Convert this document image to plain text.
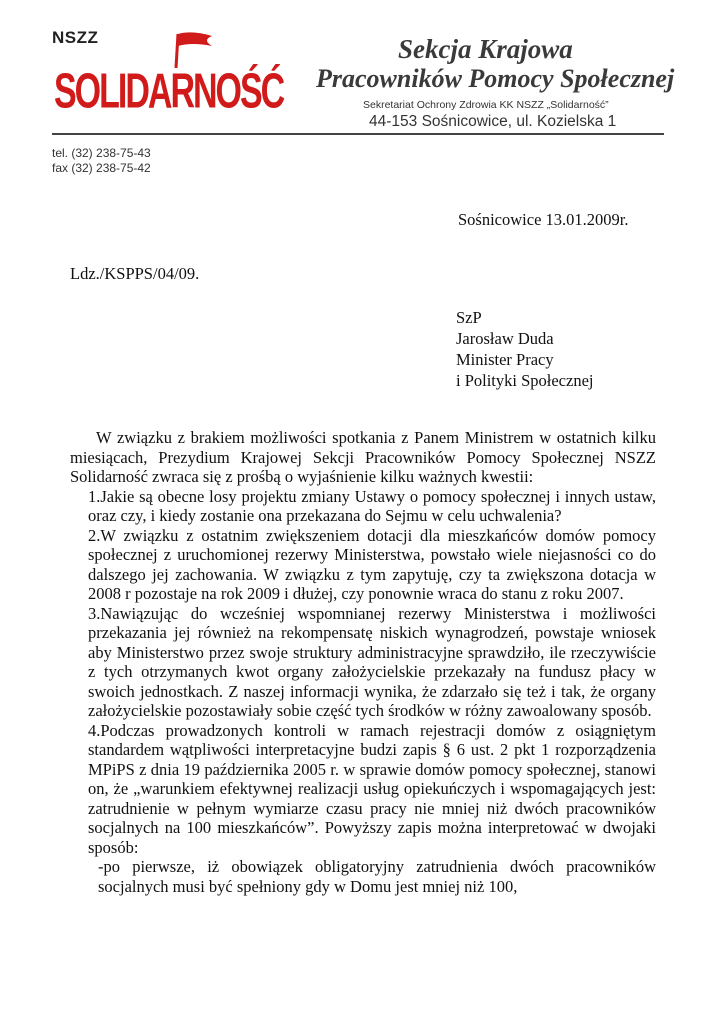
NSZZ
SOLIDARNOŚĆ
Sekcja Krajowa
Pracowników Pomocy Społecznej
Sekretariat Ochrony Zdrowia KK NSZZ „Solidarność”
44-153 Sośnicowice, ul. Kozielska 1
tel. (32) 238-75-43
fax (32) 238-75-42
Sośnicowice 13.01.2009r.
Ldz./KSPPS/04/09.
SzP
Jarosław Duda
Minister Pracy
i Polityki Społecznej

W związku z brakiem możliwości spotkania z Panem Ministrem w ostatnich kilku miesiącach, Prezydium Krajowej Sekcji Pracowników Pomocy Społecznej NSZZ Solidarność zwraca się z prośbą o wyjaśnienie kilku ważnych kwestii:

1.Jakie są obecne losy projektu zmiany Ustawy o pomocy społecznej i innych ustaw, oraz czy, i kiedy zostanie ona przekazana do Sejmu w celu uchwalenia?

2.W związku z ostatnim zwiększeniem dotacji dla mieszkańców domów pomocy społecznej z uruchomionej rezerwy Ministerstwa, powstało wiele niejasności co do dalszego jej zachowania. W związku z tym zapytuję, czy ta zwiększona dotacja w 2008 r pozostaje na rok 2009 i dłużej, czy ponownie wraca do stanu z roku 2007.

3.Nawiązując do wcześniej wspomnianej rezerwy Ministerstwa i możliwości przekazania jej również na rekompensatę niskich wynagrodzeń, powstaje wniosek aby Ministerstwo przez swoje struktury administracyjne sprawdziło, ile rzeczywiście z tych otrzymanych kwot organy założycielskie przekazały na fundusz płacy w swoich jednostkach. Z naszej informacji wynika, że zdarzało się też i tak, że organy założycielskie pozostawiały sobie część tych środków w różny zawoalowany sposób.

4.Podczas prowadzonych kontroli w ramach rejestracji domów z osiągniętym standardem wątpliwości interpretacyjne budzi zapis § 6 ust. 2 pkt 1 rozporządzenia MPiPS z dnia 19 października 2005 r. w sprawie domów pomocy społecznej, stanowi on, że „warunkiem efektywnej realizacji usług opiekuńczych i wspomagających jest: zatrudnienie w pełnym wymiarze czasu pracy nie mniej niż dwóch pracowników socjalnych na 100 mieszkańców”. Powyższy zapis można interpretować w dwojaki sposób:

-po pierwsze, iż obowiązek obligatoryjny zatrudnienia dwóch pracowników socjalnych musi być spełniony gdy w Domu jest mniej niż 100,
